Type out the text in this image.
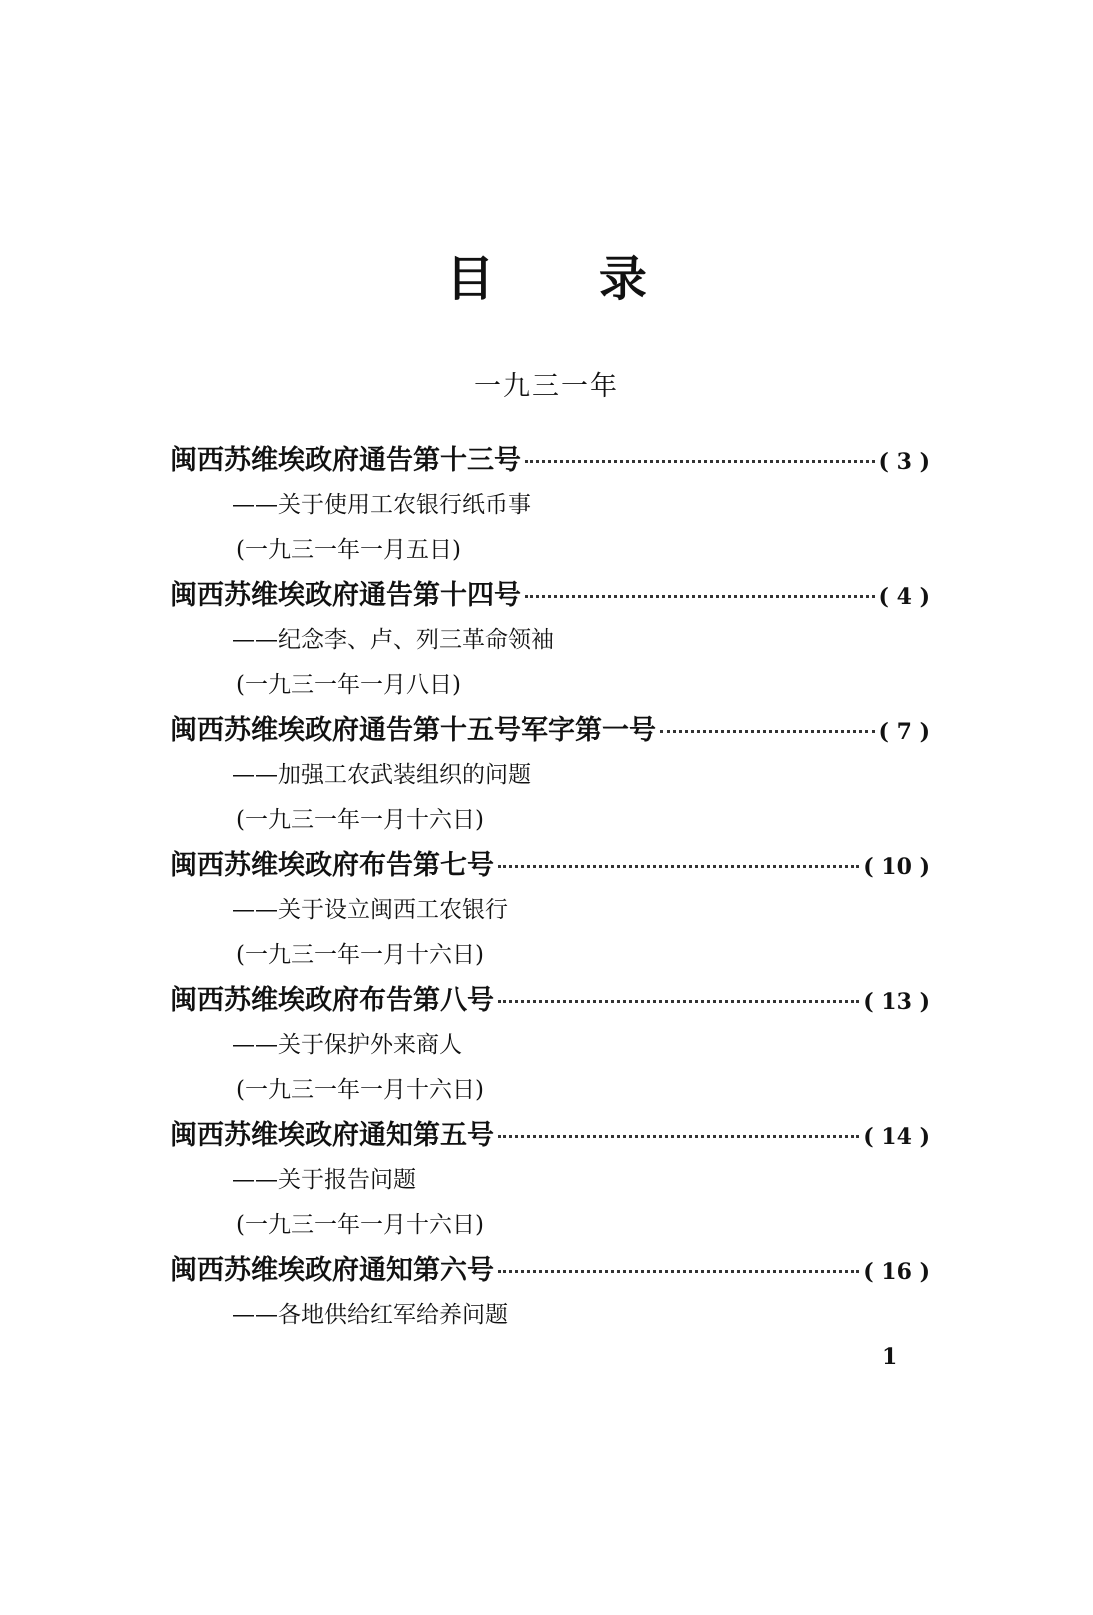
目 录
一九三一年
闽西苏维埃政府通告第十三号	( 3 )
——关于使用工农银行纸币事
(一九三一年一月五日)
闽西苏维埃政府通告第十四号	( 4 )
——纪念李、卢、列三革命领袖
(一九三一年一月八日)
闽西苏维埃政府通告第十五号军字第一号	( 7 )
——加强工农武装组织的问题
(一九三一年一月十六日)
闽西苏维埃政府布告第七号	( 10 )
——关于设立闽西工农银行
(一九三一年一月十六日)
闽西苏维埃政府布告第八号	( 13 )
——关于保护外来商人
(一九三一年一月十六日)
闽西苏维埃政府通知第五号	( 14 )
——关于报告问题
(一九三一年一月十六日)
闽西苏维埃政府通知第六号	( 16 )
——各地供给红军给养问题
1
